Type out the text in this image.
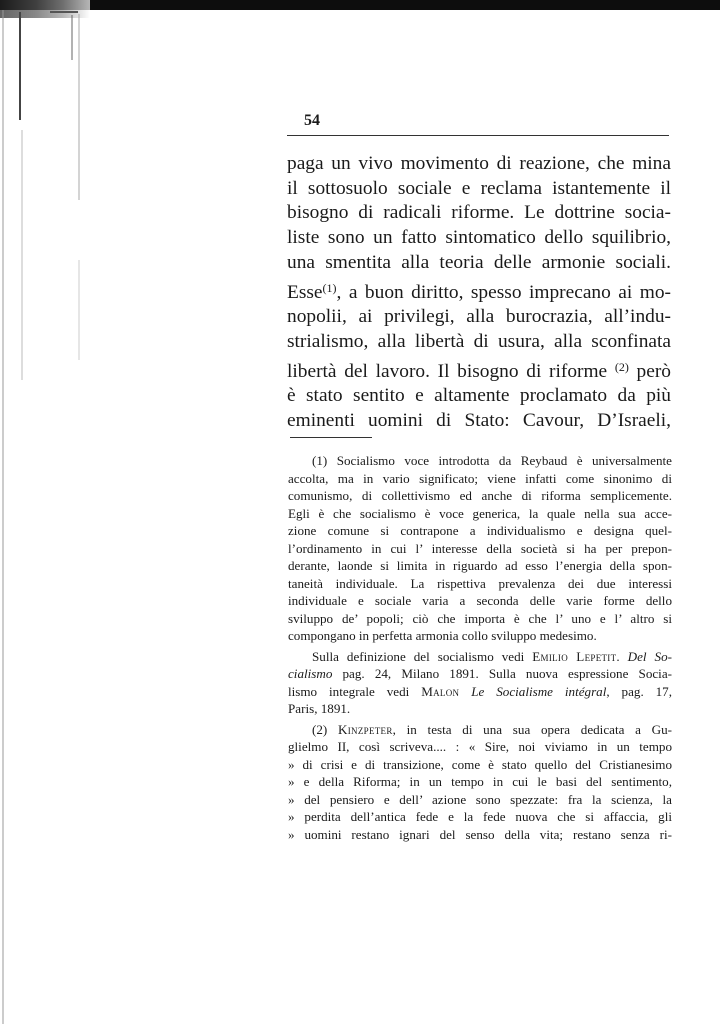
54
paga un vivo movimento di reazione, che mina
il sottosuolo sociale e reclama istantemente il
bisogno di radicali riforme. Le dottrine socia-
liste sono un fatto sintomatico dello squilibrio,
una smentita alla teoria delle armonie sociali.
Esse$^{(1)}$, a buon diritto, spesso imprecano ai mo-
nopolii, ai privilegi, alla burocrazia, all’indu-
strialismo, alla libertà di usura, alla sconfinata
libertà del lavoro. Il bisogno di riforme $^{(2)}$ però
è stato sentito e altamente proclamato da più
eminenti uomini di Stato: Cavour, D’Israeli,
(1) Socialismo voce introdotta da Reybaud è universalmente
accolta, ma in vario significato; viene infatti come sinonimo di
comunismo, di collettivismo ed anche di riforma semplicemente.
Egli è che socialismo è voce generica, la quale nella sua acce-
zione comune si contrapone a individualismo e designa quel-
l’ordinamento in cui l’ interesse della società si ha per prepon-
derante, laonde si limita in riguardo ad esso l’energia della spon-
taneità individuale. La rispettiva prevalenza dei due interessi
individuale e sociale varia a seconda delle varie forme dello
sviluppo de’ popoli; ciò che importa è che l’ uno e l’ altro si
compongano in perfetta armonia collo sviluppo medesimo.
Sulla definizione del socialismo vedi Emilio Lepetit. Del So-
cialismo pag. 24, Milano 1891. Sulla nuova espressione Socia-
lismo integrale vedi Malon Le Socialisme intégral, pag. 17,
Paris, 1891.
(2) Kinzpeter, in testa di una sua opera dedicata a Gu-
glielmo II, così scriveva.... : « Sire, noi viviamo in un tempo
» di crisi e di transizione, come è stato quello del Cristianesimo
» e della Riforma; in un tempo in cui le basi del sentimento,
» del pensiero e dell’ azione sono spezzate: fra la scienza, la
» perdita dell’antica fede e la fede nuova che si affaccia, gli
» uomini restano ignari del senso della vita; restano senza ri-
